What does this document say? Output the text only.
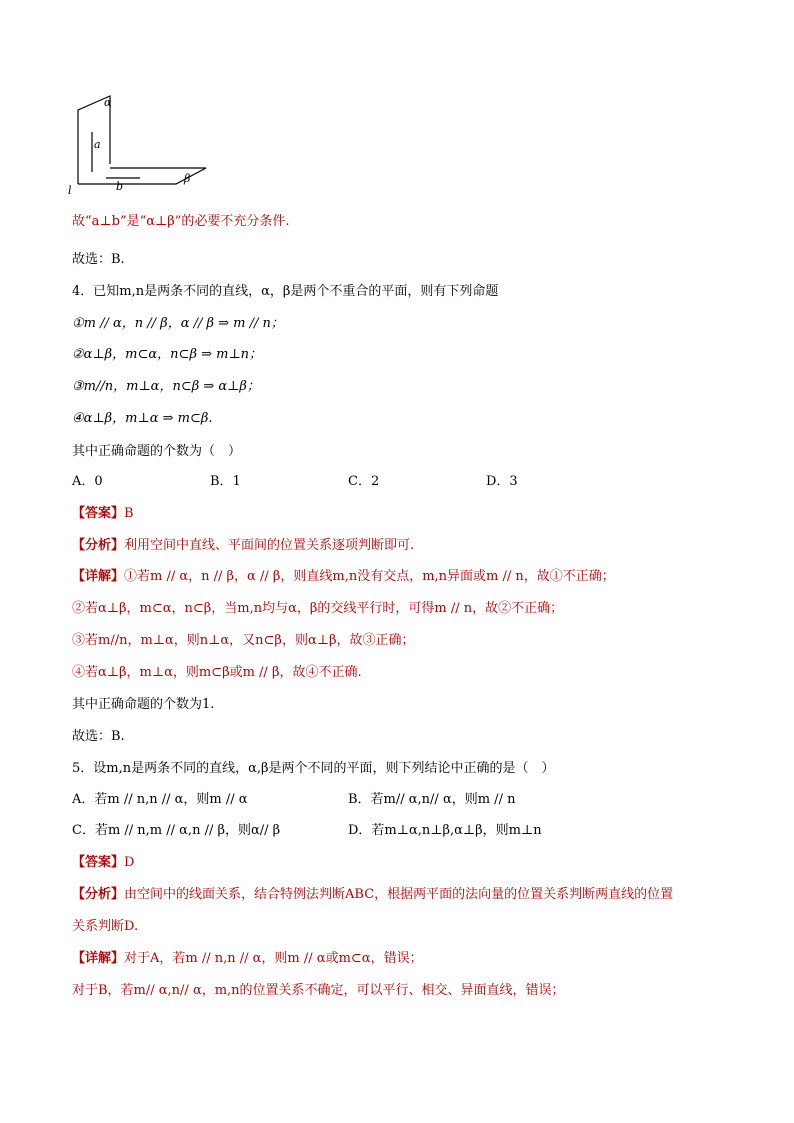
α
a
b
β
l
故“a⊥b”是“α⊥β”的必要不充分条件.
故选：B.
4．已知m,n是两条不同的直线，α，β是两个不重合的平面，则有下列命题
①m // α，n // β，α // β ⇒ m // n；
②α⊥β，m⊂α，n⊂β ⇒ m⊥n；
③m//n，m⊥α，n⊂β ⇒ α⊥β；
④α⊥β，m⊥α ⇒ m⊂β.
其中正确命题的个数为（　）
A．0	B．1	C．2	D．3
【答案】B
【分析】利用空间中直线、平面间的位置关系逐项判断即可.
【详解】①若m // α，n // β，α // β，则直线m,n没有交点，m,n异面或m // n，故①不正确；
②若α⊥β，m⊂α，n⊂β，当m,n均与α，β的交线平行时，可得m // n，故②不正确；
③若m//n，m⊥α，则n⊥α，又n⊂β，则α⊥β，故③正确；
④若α⊥β，m⊥α，则m⊂β或m // β，故④不正确.
其中正确命题的个数为1.
故选：B.
5．设m,n是两条不同的直线，α,β是两个不同的平面，则下列结论中正确的是（　）
A．若m // n,n // α，则m // α	B．若m// α,n// α，则m // n
C．若m // n,m // α,n // β，则α// β	D．若m⊥α,n⊥β,α⊥β，则m⊥n
【答案】D
【分析】由空间中的线面关系，结合特例法判断ABC，根据两平面的法向量的位置关系判断两直线的位置
关系判断D.
【详解】对于A，若m // n,n // α，则m // α或m⊂α，错误；
对于B，若m// α,n// α，m,n的位置关系不确定，可以平行、相交、异面直线，错误；
